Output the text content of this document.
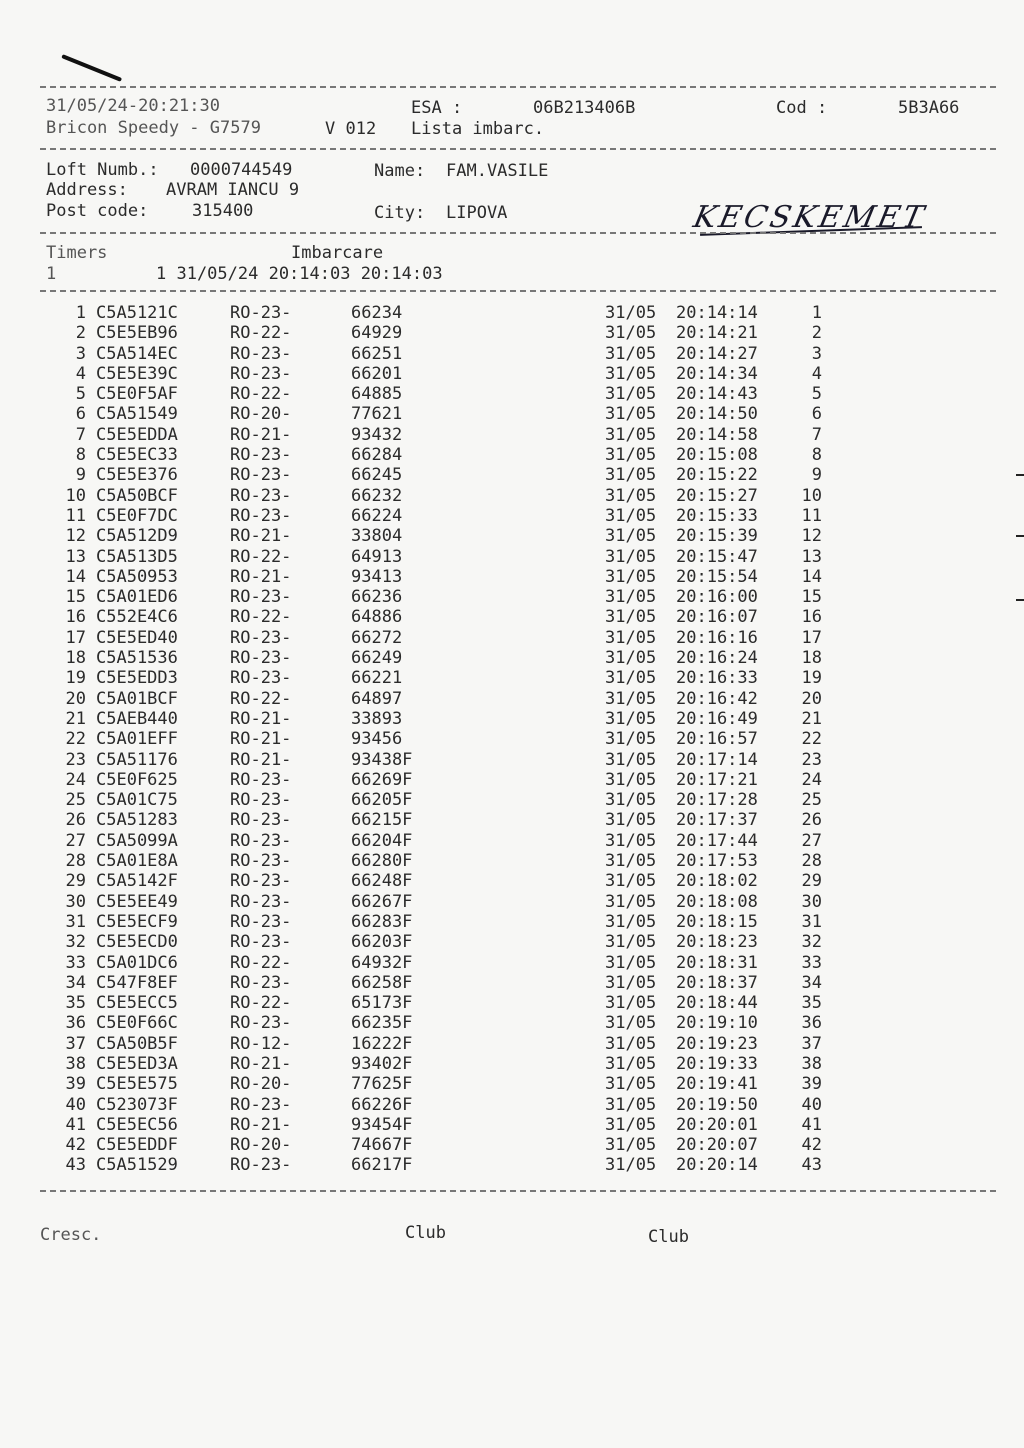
31/05/24-20:21:30	ESA :	06B213406B	Cod :	5B3A66
Bricon Speedy - G7579	V 012 Lista imbarc.
Loft Numb.: 0000744549	Name: FAM.VASILE
Address: AVRAM IANCU 9
Post code:	315400	City: LIPOVA	KECSKEMET
Timers	Imbarcare
1	1 31/05/24 20:14:03 20:14:03
1 C5A5121C	RO-23-	66234	31/05 20:14:14	1
2 C5E5EB96	RO-22-	64929	31/05 20:14:21	2
3 C5A514EC	RO-23-	66251	31/05 20:14:27	3
4 C5E5E39C	RO-23-	66201	31/05 20:14:34	4
5 C5E0F5AF	RO-22-	64885	31/05 20:14:43	5
6 C5A51549	RO-20-	77621	31/05 20:14:50	6
7 C5E5EDDA	RO-21-	93432	31/05 20:14:58	7
8 C5E5EC33	RO-23-	66284	31/05 20:15:08	8
9 C5E5E376	RO-23-	66245	31/05 20:15:22	9
10 C5A50BCF	RO-23-	66232	31/05 20:15:27	10
11 C5E0F7DC	RO-23-	66224	31/05 20:15:33	11
12 C5A512D9	RO-21-	33804	31/05 20:15:39	12
13 C5A513D5	RO-22-	64913	31/05 20:15:47	13
14 C5A50953	RO-21-	93413	31/05 20:15:54	14
15 C5A01ED6	RO-23-	66236	31/05 20:16:00	15
16 C552E4C6	RO-22-	64886	31/05 20:16:07	16
17 C5E5ED40	RO-23-	66272	31/05 20:16:16	17
18 C5A51536	RO-23-	66249	31/05 20:16:24	18
19 C5E5EDD3	RO-23-	66221	31/05 20:16:33	19
20 C5A01BCF	RO-22-	64897	31/05 20:16:42	20
21 C5AEB440	RO-21-	33893	31/05 20:16:49	21
22 C5A01EFF	RO-21-	93456	31/05 20:16:57	22
23 C5A51176	RO-21-	93438F	31/05 20:17:14	23
24 C5E0F625	RO-23-	66269F	31/05 20:17:21	24
25 C5A01C75	RO-23-	66205F	31/05 20:17:28	25
26 C5A51283	RO-23-	66215F	31/05 20:17:37	26
27 C5A5099A	RO-23-	66204F	31/05 20:17:44	27
28 C5A01E8A	RO-23-	66280F	31/05 20:17:53	28
29 C5A5142F	RO-23-	66248F	31/05 20:18:02	29
30 C5E5EE49	RO-23-	66267F	31/05 20:18:08	30
31 C5E5ECF9	RO-23-	66283F	31/05 20:18:15	31
32 C5E5ECD0	RO-23-	66203F	31/05 20:18:23	32
33 C5A01DC6	RO-22-	64932F	31/05 20:18:31	33
34 C547F8EF	RO-23-	66258F	31/05 20:18:37	34
35 C5E5ECC5	RO-22-	65173F	31/05 20:18:44	35
36 C5E0F66C	RO-23-	66235F	31/05 20:19:10	36
37 C5A50B5F	RO-12-	16222F	31/05 20:19:23	37
38 C5E5ED3A	RO-21-	93402F	31/05 20:19:33	38
39 C5E5E575	RO-20-	77625F	31/05 20:19:41	39
40 C523073F	RO-23-	66226F	31/05 20:19:50	40
41 C5E5EC56	RO-21-	93454F	31/05 20:20:01	41
42 C5E5EDDF	RO-20-	74667F	31/05 20:20:07	42
43 C5A51529	RO-23-	66217F	31/05 20:20:14	43
Cresc.	Club	Club
